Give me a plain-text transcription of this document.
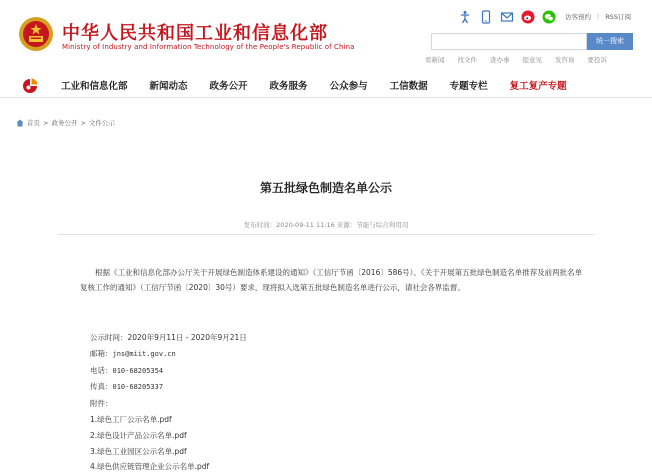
中华人民共和国工业和信息化部
Ministry of Industry and Information Technology of the People's Republic of China
访客预约 | RSS订阅
统一搜索
看新闻 找文件 查办事 提意见 发咨询 要投诉
工业和信息化部 新闻动态 政务公开 政务服务 公众参与 工信数据 专题专栏 复工复产专题
首页 > 政务公开 > 文件公示
第五批绿色制造名单公示
发布时间：2020-09-11 11:16 来源：节能与综合利用司

根据《工业和信息化部办公厅关于开展绿色制造体系建设的通知》（工信厅节函〔2016〕586号）、《关于开展第五批绿色制造名单推荐及前两批名单复核工作的通知》（工信厅节函〔2020〕30号）要求，现将拟入选第五批绿色制造名单进行公示，请社会各界监督。

公示时间：2020年9月11日 - 2020年9月21日
邮箱：jns@miit.gov.cn
电话：010-68205354
传真：010-68205337
附件：
1.绿色工厂公示名单.pdf
2.绿色设计产品公示名单.pdf
3.绿色工业园区公示名单.pdf
4.绿色供应链管理企业公示名单.pdf
